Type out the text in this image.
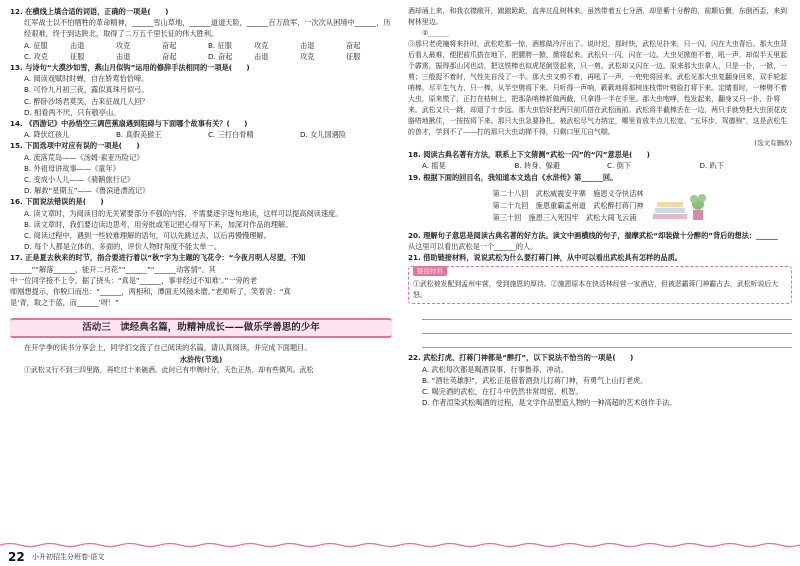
12. 在横线上填合适的词语，正确的一项是(　　)
红军战士以不怕牺牲的革命精神，______雪山草地，______道道天险，______百万敌军，一次次从困境中______，历经艰难，终于到达陕北，取得了二万五千里长征的伟大胜利。
A. 征服	击退	攻克	奋起	B. 征服	攻克	击退	奋起
C. 攻克	征服	击退	奋起	D. 奋起	击退	攻克	征服
13. 与诗句“大漠沙如雪，燕山月似钩”运用的修辞手法相同的一项是(　　)
A. 阅读戏赋时时蝉，自在娇莺恰恰啼。
B. 可怜九月初三夜，露似真珠月似弓。
C. 醉卧沙场君莫笑，古来征战几人回？
D. 相看两不厌，只有敬亭山。
14. 《西游记》中孙悟空三调芭蕉扇遇到阻碍与下面哪个故事有关？(　　)
A. 降伏红孩儿	B. 真假美猴王	C. 三打白骨精	D. 女儿国遇险
15. 下面选项中对应有误的一项是(　　)
A. 流落荒岛——《汤姆·索亚历险记》
B. 外祖母讲故事——《童年》
C. 变成小人儿——《骑鹅旅行记》
D. 解救“星期五”——《鲁滨逊漂流记》
16. 下面说法错误的是(　　)
A. 读文章时，为阅读目的无关紧要部分不强的内容，不需要逐字逐句地读，这样可以提高阅读速度。
B. 读文章时，我们要边读边思考，用旁批或笔记把心得写下来，加深对作品的理解。
C. 阅读过程中，遇到一些较难理解的语句，可以先跳过去，以后再慢慢理解。
D. 每个人都是立体的、多面的，评价人物时角度不能太单一。
17. 正是夏去秋来的时节，指合要进行着以“秋”字为主题的飞花令：“今夜月明人尽望，不知
______”“解落______，能开二月花”“______”“______动客情”。其
中一位同学接不上令，据了挠头：“真是”______，事非经过不知难’。”一旁的老
师刚想提示，你脱口而出：“______，两相和，潭面无风镜未磨。”老师听了，笑着说：“真
是‘青，取之于蓝，而______’呀！”
活动三　读经典名篇，助精神成长——做乐学善思的少年
在开学季的读书分享会上，同学们交流了自己阅读的名篇，请认真阅读，并完成下面题目。
水浒传(节选)
①武松又行不到三四里路，再吃过十来碗酒。此时已有申牌时分，天色正热，却有些微风。武松
酒却涌上来，和我衣襟敞开，踉踉跄跄，直奔过乱树林来。虽然带着五七分酒，却是紫十分醉的，前颠后偃，东倒西歪，来到树林里边。
②______
③那只老虎撞将来扑时，武松吃那一惊，酒都做冷汗出了。说时迟，那时快，武松见扑来，只一闪，闪在大虫背后。那大虫背后看人最难，便把前爪搭在地下，把腰胯一掀，掀将起来。武松只一闪，闪在一边。大虫见掀他不着，吼一声，却似半天里起个霹雳，振得那山冈也动，把这铁棒也似虎尾倒竖起来，只一剪。武松却又闪在一边。原来那大虫拿人，只是一扑，一掀，一剪；三般捉不着时，气性先自没了一半。那大虫又剪不着，再吼了一声，一兜兜将回来。武松见那大虫复翻身回来，双手轮起哨棒，尽平生气力，只一棒，从半空劈将下来。只听得一声响，簌簌地将那树连枝带叶劈脸打将下来。定睛看时，一棒劈不着大虫，原来慌了，正打在枯树上，把那条哨棒折做两截，只拿得一半在手里。那大虫咆哮，性发起来，翻身又只一扑，扑将来。武松又只一跳，却退了十步远。那大虫恰好把两只前爪搭在武松面前。武松将半截棒丢在一边，两只手就势把大虫顶花皮胳嗒地揪住，一按按将下来。那只大虫急要挣扎，被武松尽气力纳定，哪里肯放半点儿松宽。“五环步，驾德驹”，这是武松生的兽才，学到不了——打的那只大虫动掸不得，只剩口里兀自气喘。
(选文有删改)
18. 阅读古典名著有方法，联系上下文猜测“武松一闪”的“闪”意思是(　　)
A. 摇晃	B. 转身、躲避	C. 倒下	D. 趴下
19. 根据下面的回目名，我知道本文选自《水浒传》第______回。
第二十八回　武松威震安平寨　施恩义夺快活林
第二十九回　施恩重霸孟州道　武松醉打蒋门神
第三十回　施恩三入死囚牢　武松大闹飞云浦
20. 理解句子意思是阅读古典名著的好方法。读文中画横线的句子，揣摩武松“却装做十分醉的”背后的想法：______
从这里可以看出武松是一个______的人。
21. 借助链接材料，说说武松为什么要打蒋门神，从中可以看出武松具有怎样的品质。
链接材料
①武松被发配到孟州牢营，受到施恩的厚待。②施恩原本在快活林经营一家酒店，但被恶霸蒋门神霸占去，武松听说后大怒。
22. 武松打虎、打蒋门神都是“醉打”，以下说法不恰当的一项是(　　)
A. 武松每次都是喝酒误事，行事鲁莽、冲动。
B. “酒壮英雄胆”，武松正是借着酒劲儿打蒋门神，有勇气上山打老虎。
C. 喝完酒的武松，在打斗中仍然非常周密、机智。
D. 作者渲染武松喝酒的过程，是文学作品塑造人物的一种高超的艺术创作手法。
22 小升初招生分班卷·语文
